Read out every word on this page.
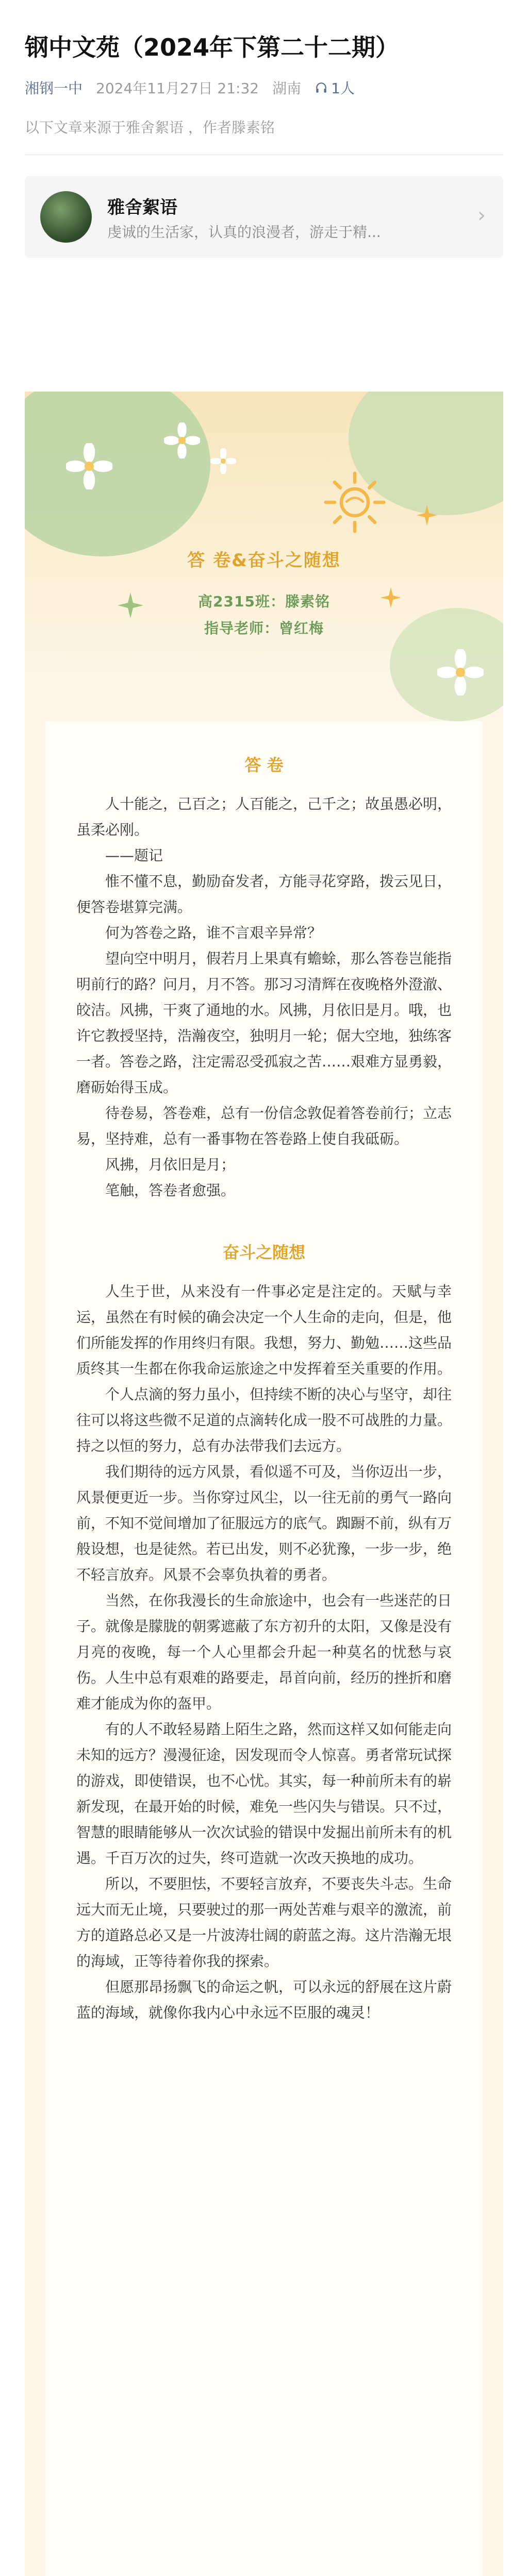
钢中文苑（2024年下第二十二期）
湘钢一中 2024年11月27日 21:32 湖南 1人
以下文章来源于雅舍絮语 ，作者滕素铭
雅舍絮语
虔诚的生活家，认真的浪漫者，游走于精...
›
答 卷&奋斗之随想
高2315班：滕素铭
指导老师：曾红梅
答 卷

人十能之，己百之；人百能之，己千之；故虽愚必明，虽柔必刚。

——题记

惟不懂不息，勤励奋发者，方能寻花穿路，拨云见日，便答卷堪算完满。

何为答卷之路，谁不言艰辛异常？

望向空中明月，假若月上果真有蟾蜍，那么答卷岂能指明前行的路？问月，月不答。那习习清辉在夜晚格外澄澈、皎洁。风拂，干爽了通地的水。风拂，月依旧是月。哦，也许它教授坚持，浩瀚夜空，独明月一轮；倨大空地，独练客一者。答卷之路，注定需忍受孤寂之苦……艰难方显勇毅，磨砺始得玉成。

待卷易，答卷难，总有一份信念敦促着答卷前行；立志易，坚持难，总有一番事物在答卷路上使自我砥砺。

风拂，月依旧是月；

笔触，答卷者愈强。

奋斗之随想

人生于世，从来没有一件事必定是注定的。天赋与幸运，虽然在有时候的确会决定一个人生命的走向，但是，他们所能发挥的作用终归有限。我想，努力、勤勉……这些品质终其一生都在你我命运旅途之中发挥着至关重要的作用。

个人点滴的努力虽小，但持续不断的决心与坚守，却往往可以将这些微不足道的点滴转化成一股不可战胜的力量。持之以恒的努力，总有办法带我们去远方。

我们期待的远方风景，看似遥不可及，当你迈出一步，风景便更近一步。当你穿过风尘，以一往无前的勇气一路向前，不知不觉间增加了征服远方的底气。踟蹰不前，纵有万般设想，也是徒然。若已出发，则不必犹豫，一步一步，绝不轻言放弃。风景不会辜负执着的勇者。

当然，在你我漫长的生命旅途中，也会有一些迷茫的日子。就像是朦胧的朝雾遮蔽了东方初升的太阳，又像是没有月亮的夜晚，每一个人心里都会升起一种莫名的忧愁与哀伤。人生中总有艰难的路要走，昂首向前，经历的挫折和磨难才能成为你的盔甲。

有的人不敢轻易踏上陌生之路，然而这样又如何能走向未知的远方？漫漫征途，因发现而令人惊喜。勇者常玩试探的游戏，即使错误，也不心忧。其实，每一种前所未有的崭新发现，在最开始的时候，难免一些闪失与错误。只不过，智慧的眼睛能够从一次次试验的错误中发掘出前所未有的机遇。千百万次的过失，终可造就一次改天换地的成功。

所以，不要胆怯，不要轻言放弃，不要丧失斗志。生命远大而无止境，只要驶过的那一两处苦难与艰辛的激流，前方的道路总必又是一片波涛壮阔的蔚蓝之海。这片浩瀚无垠的海域，正等待着你我的探索。

但愿那昂扬飘飞的命运之帆，可以永远的舒展在这片蔚蓝的海域，就像你我内心中永远不臣服的魂灵！
